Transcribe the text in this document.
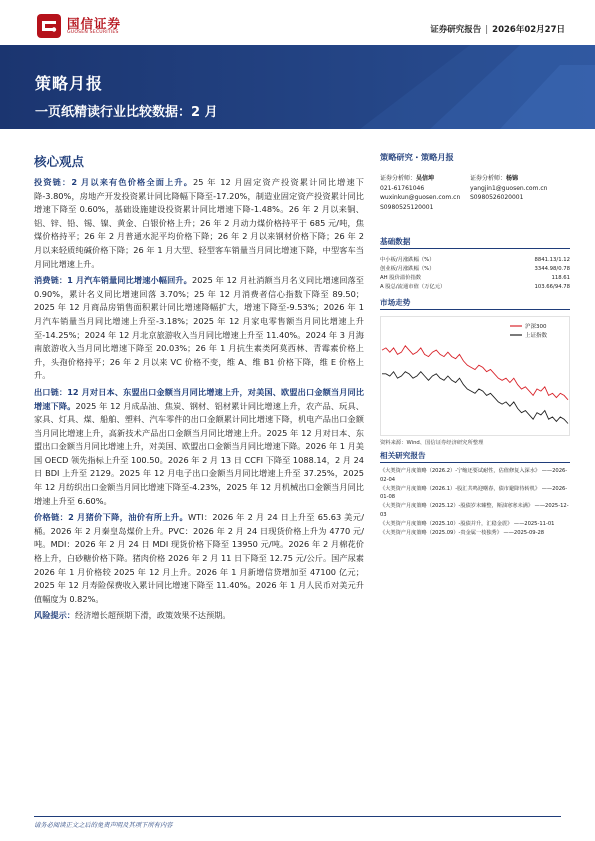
国信证券
GUOSEN SECURITIES	证券研究报告 | 2026年02月27日
策略月报
一页纸精读行业比较数据：2 月
核心观点

投资链：2 月以来有色价格全面上升。25 年 12 月固定资产投资累计同比增速下降-3.80%，房地产开发投资累计同比降幅下降至-17.20%，制造业固定资产投资累计同比增速下降至 0.60%，基础设施建设投资累计同比增速下降-1.48%。26 年 2 月以来铜、铝、锌、铅、锡、镍、黄金、白银价格上升；26 年 2 月动力煤价格持平于 685 元/吨，焦煤价格持平；26 年 2 月普通水泥平均价格下降；26 年 2 月以来钢材价格下降；26 年 2 月以来轻质纯碱价格下降；26 年 1 月大型、轻型客车销量当月同比增速下降，中型客车当月同比增速上升。

消费链：1 月汽车销量同比增速小幅回升。2025 年 12 月社消额当月名义同比增速回落至 0.90%，累计名义同比增速回落 3.70%；25 年 12 月消费者信心指数下降至 89.50；2025 年 12 月商品房销售面积累计同比增速降幅扩大，增速下降至-9.53%；2026 年 1 月汽车销量当月同比增速上升至-3.18%；2025 年 12 月家电零售额当月同比增速上升至-14.25%；2024 年 12 月北京旅游收入当月同比增速上升至 11.40%。2024 年 3 月海南旅游收入当月同比增速下降至 20.03%；26 年 1 月抗生素类阿莫西林、青霉素价格上升，头孢价格持平；26 年 2 月以来 VC 价格不变，维 A、维 B1 价格下降，维 E 价格上升。

出口链：12 月对日本、东盟出口金额当月同比增速上升，对美国、欧盟出口金额当月同比增速下降。2025 年 12 月成品油、焦炭、钢材、铝材累计同比增速上升，农产品、玩具、家具、灯具、煤、船舶、塑料、汽车零件的出口金额累计同比增速下降，机电产品出口金额当月同比增速上升，高新技术产品出口金额当月同比增速上升。2025 年 12 月对日本、东盟出口金额当月同比增速上升，对美国、欧盟出口金额当月同比增速下降。2026 年 1 月美国 OECD 领先指标上升至 100.50。2026 年 2 月 13 日 CCFI 下降至 1088.14，2 月 24 日 BDI 上升至 2129。2025 年 12 月电子出口金额当月同比增速上升至 37.25%，2025 年 12 月纺织出口金额当月同比增速下降至-4.23%，2025 年 12 月机械出口金额当月同比增速上升至 6.60%。

价格链：2 月猪价下降，油价有所上升。WTI：2026 年 2 月 24 日上升至 65.63 美元/桶。2026 年 2 月秦皇岛煤价上升。PVC：2026 年 2 月 24 日现货价格上升为 4770 元/吨。MDI：2026 年 2 月 24 日 MDI 现货价格下降至 13950 元/吨。2026 年 2 月棉花价格上升，白砂糖价格下降。猪肉价格 2026 年 2 月 11 日下降至 12.75 元/公斤。国产尿素 2026 年 1 月价格较 2025 年 12 月上升。2026 年 1 月新增信贷增加至 47100 亿元；2025 年 12 月寿险保费收入累计同比增速下降至 11.40%。2026 年 1 月人民币对美元升值幅度为 0.82%。

风险提示：经济增长超预期下滑，政策效果不达预期。

策略研究・策略月报
证券分析师：吴信坤
021-61761046
wuxinkun@guosen.com.cn
S0980525120001
证券分析师：杨锦
yangjin1@guosen.com.cn
S0980526020001
基础数据
中小板/月涨跌幅（%）	8841.13/1.12
创业板/月涨跌幅（%）	3344.98/0.78
AH 股价溢价指数	118.61
A 股总/流通市值（万亿元）	103.66/94.78
市场走势
沪深300
上证指数
资料来源：Wind、国信证券经济研究所整理
相关研究报告
《大类资产月度策略（2026.2）-宁缩还要试耐性，估值修复入深水》 ——2026-02-04
《大类资产月度策略（2026.1）-股汇共鸣迎曙春，债市避降待转机》 ——2026-01-08
《大类资产月度策略（2025.12）-股债岁末臻整，斯油寒寒未满》 ——2025-12-03
《大类资产月度策略（2025.10）-股债并升，汇稳金震》 ——2025-11-01
《大类资产月度策略（2025.09）-贵金属一枝独秀》 ——2025-09-28
请务必阅读正文之后的免责声明及其项下所有内容
